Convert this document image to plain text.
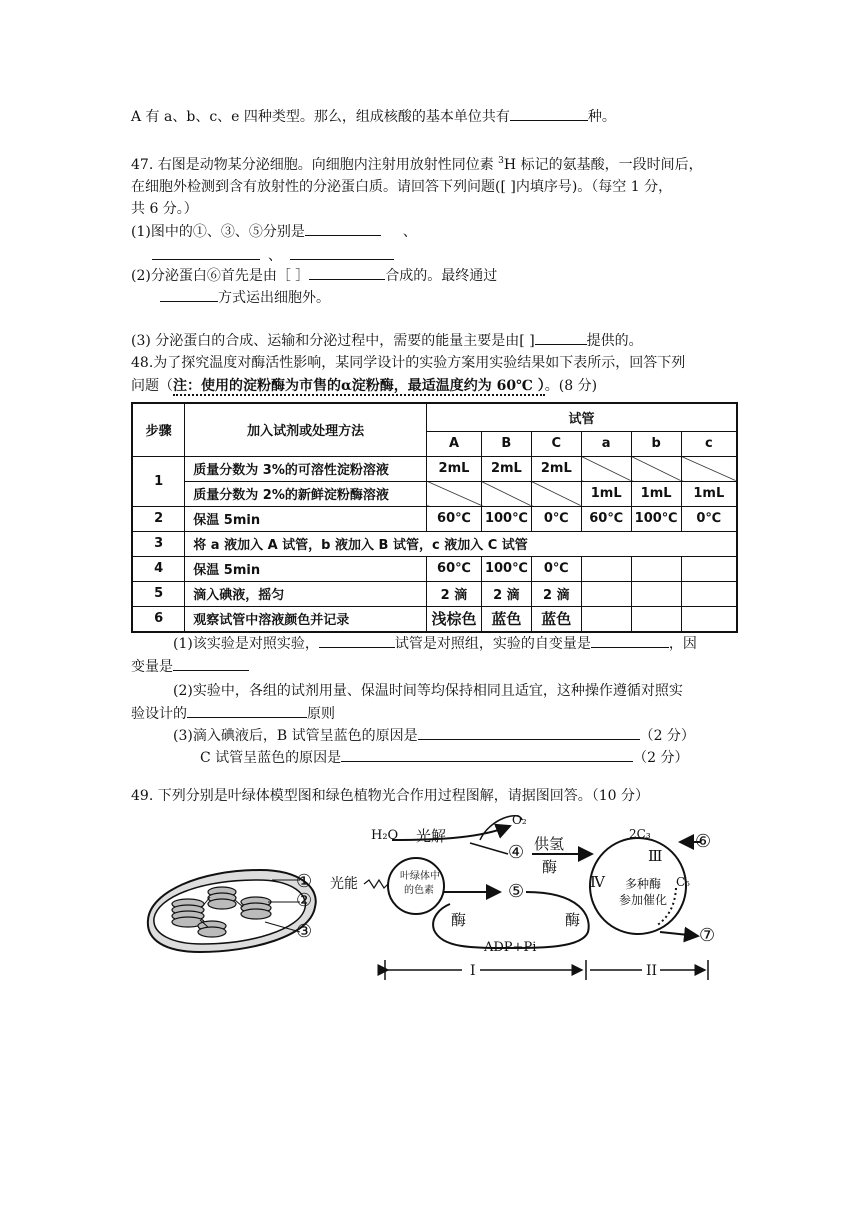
A 有 a、b、c、e 四种类型。那么，组成核酸的基本单位共有	种。
47. 右图是动物某分泌细胞。向细胞内注射用放射性同位素 $^3$H 标记的氨基酸，一段时间后，
在细胞外检测到含有放射性的分泌蛋白质。请回答下列问题([ ]内填序号)。（每空 1 分，
共 6 分。）
(1)图中的①、③、⑤分别是	、
、
(2)分泌蛋白⑥首先是由［ ］	合成的。最终通过
方式运出细胞外。
(3) 分泌蛋白的合成、运输和分泌过程中，需要的能量主要是由[ ]	提供的。
48.为了探究温度对酶活性影响，某同学设计的实验方案用实验结果如下表所示，回答下列
问题（注：使用的淀粉酶为市售的α淀粉酶，最适温度约为 60℃ ）。(8 分)
步骤	加入试剂或处理方法	试管					
		A	B	C	a	b	c
1	质量分数为 3%的可溶性淀粉溶液	2mL	2mL	2mL			
	质量分数为 2%的新鲜淀粉酶溶液				1mL	1mL	1mL
2	保温 5min	60℃	100℃	0℃	60℃	100℃	0℃
3	将 a 液加入 A 试管，b 液加入 B 试管，c 液加入 C 试管						
4	保温 5min	60℃	100℃	0℃			
5	滴入碘液，摇匀	2 滴	2 滴	2 滴			
6	观察试管中溶液颜色并记录	浅棕色	蓝色	蓝色			
(1)该实验是对照实验，	试管是对照组，实验的自变量是	，因
变量是
(2)实验中，各组的试剂用量、保温时间等均保持相同且适宜，这种操作遵循对照实
验设计的	原则
(3)滴入碘液后，B 试管呈蓝色的原因是	（2 分）
C 试管呈蓝色的原因是	（2 分）
49. 下列分别是叶绿体模型图和绿色植物光合作用过程图解，请据图回答。（10 分）
①
②
③
H₂O 光解
O₂
④ 供氢
酶
光能	叶绿体中
的色素	⑤
酶	酶
ADP+Pi
2C₃ ⑥
Ⅲ
Ⅳ 多种酶
参加催化
C₅
⑦
I	II
